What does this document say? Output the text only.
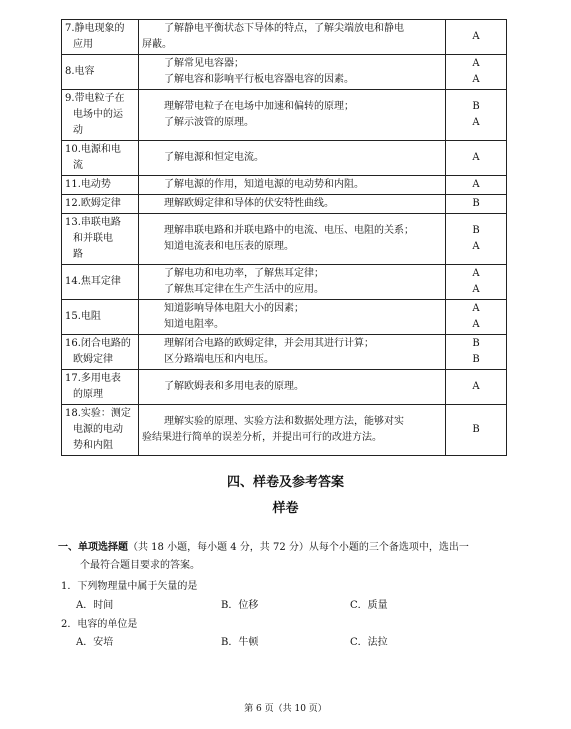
7.静电现象的
应用	了解静电平衡状态下导体的特点，了解尖端放电和静电
屏蔽。	A

8.电容	了解常见电容器；
了解电容和影响平行板电容器电容的因素。	A
A

9.带电粒子在
电场中的运
动	理解带电粒子在电场中加速和偏转的原理；
了解示波管的原理。	B
A

10.电源和电
流	了解电源和恒定电流。	A

11.电动势	了解电源的作用，知道电源的电动势和内阻。	A

12.欧姆定律	理解欧姆定律和导体的伏安特性曲线。	B

13.串联电路
和并联电
路	理解串联电路和并联电路中的电流、电压、电阻的关系；
知道电流表和电压表的原理。	B
A

14.焦耳定律	了解电功和电功率，了解焦耳定律；
了解焦耳定律在生产生活中的应用。	A
A

15.电阻	知道影响导体电阻大小的因素；
知道电阻率。	A
A

16.闭合电路的
欧姆定律	理解闭合电路的欧姆定律，并会用其进行计算；
区分路端电压和内电压。	B
B

17.多用电表
的原理	了解欧姆表和多用电表的原理。	A

18.实验：测定
电源的电动
势和内阻	理解实验的原理、实验方法和数据处理方法，能够对实
验结果进行简单的误差分析，并提出可行的改进方法。	B
四、样卷及参考答案
样卷
一、单项选择题（共 18 小题，每小题 4 分，共 72 分）从每个小题的三个备选项中，选出一
个最符合题目要求的答案。
1．下列物理量中属于矢量的是
A．时间	B．位移	C．质量
2．电容的单位是
A．安培	B．牛顿	C．法拉
第 6 页（共 10 页）
